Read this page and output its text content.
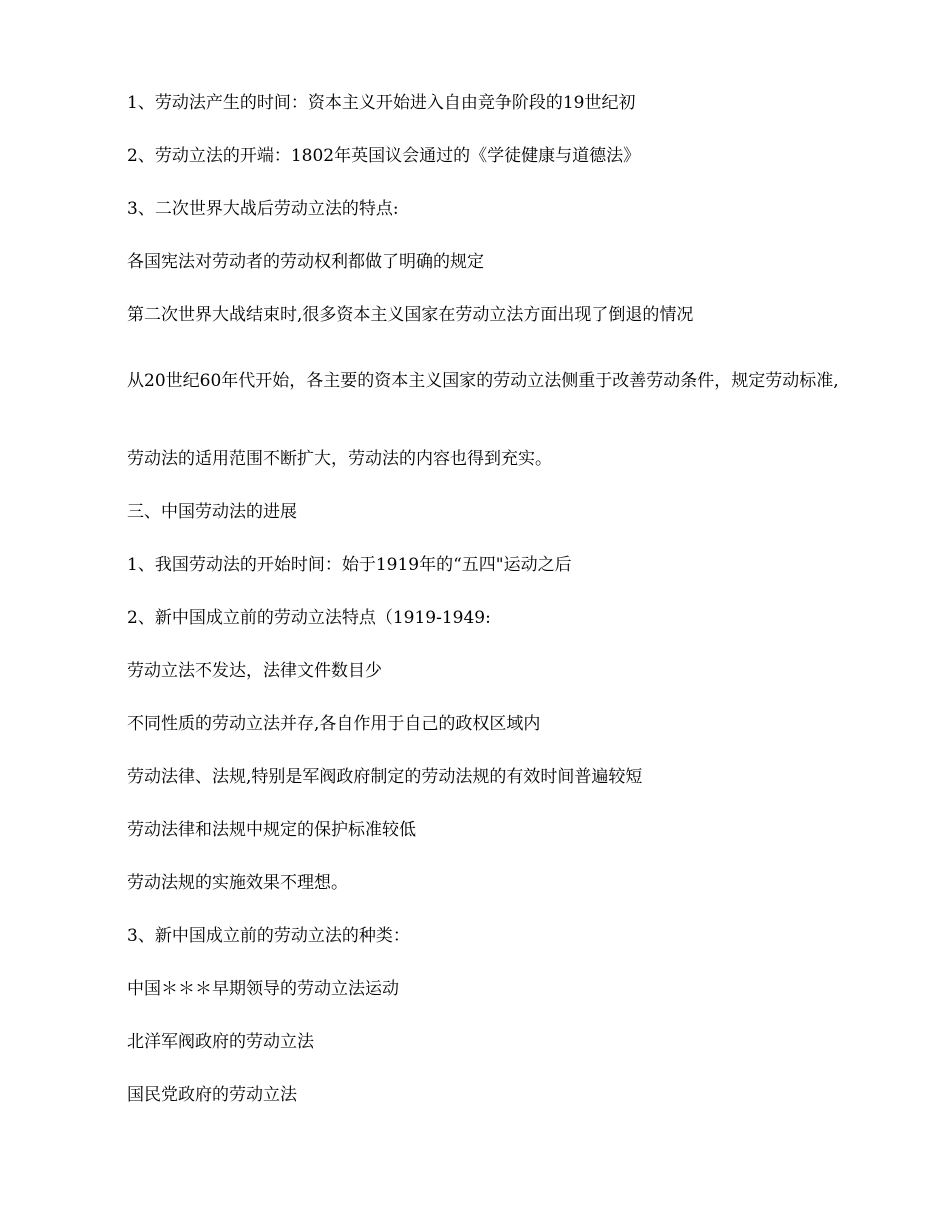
1、劳动法产生的时间：资本主义开始进入自由竞争阶段的19世纪初

2、劳动立法的开端：1802年英国议会通过的《学徒健康与道德法》

3、二次世界大战后劳动立法的特点:

各国宪法对劳动者的劳动权利都做了明确的规定

第二次世界大战结束时,很多资本主义国家在劳动立法方面出现了倒退的情况

从20世纪60年代开始，各主要的资本主义国家的劳动立法侧重于改善劳动条件，规定劳动标准,

劳动法的适用范围不断扩大，劳动法的内容也得到充实。

三、中国劳动法的进展

1、我国劳动法的开始时间：始于1919年的“五四"运动之后

2、新中国成立前的劳动立法特点（1919-1949:

劳动立法不发达，法律文件数目少

不同性质的劳动立法并存,各自作用于自己的政权区域内

劳动法律、法规,特别是军阀政府制定的劳动法规的有效时间普遍较短

劳动法律和法规中规定的保护标准较低

劳动法规的实施效果不理想。

3、新中国成立前的劳动立法的种类：

中国＊＊＊早期领导的劳动立法运动

北洋军阀政府的劳动立法

国民党政府的劳动立法
